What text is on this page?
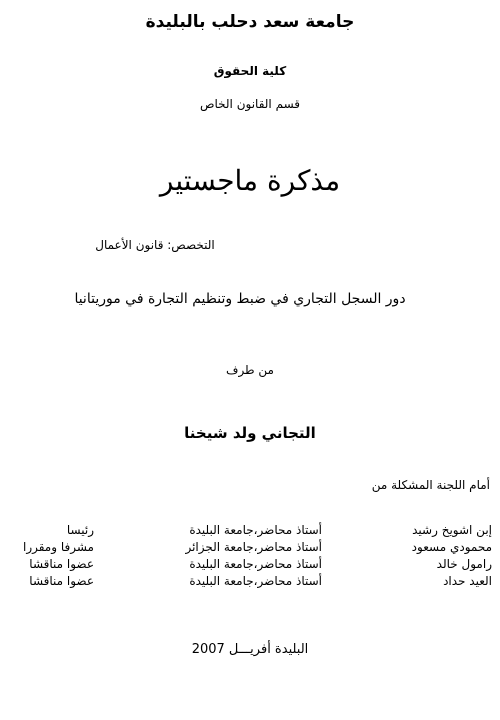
جامعة سعد دحلب بالبليدة
كلية الحقوق
قسم القانون الخاص
مذكرة ماجستير
التخصص: قانون الأعمال
دور السجل التجاري في ضبط وتنظيم التجارة في موريتانيا
من طرف
التجاني ولد شيخنا
أمام اللجنة المشكلة من
إبن اشويخ رشيد
أستاذ محاضر،جامعة البليدة
رئيسا
محمودي مسعود
أستاذ محاضر،جامعة الجزائر
مشرفا ومقررا
رامول خالد
أستاذ محاضر،جامعة البليدة
عضوا مناقشا
العيد حداد
أستاذ محاضر،جامعة البليدة
عضوا مناقشا
البليدة أفريـــل 2007
